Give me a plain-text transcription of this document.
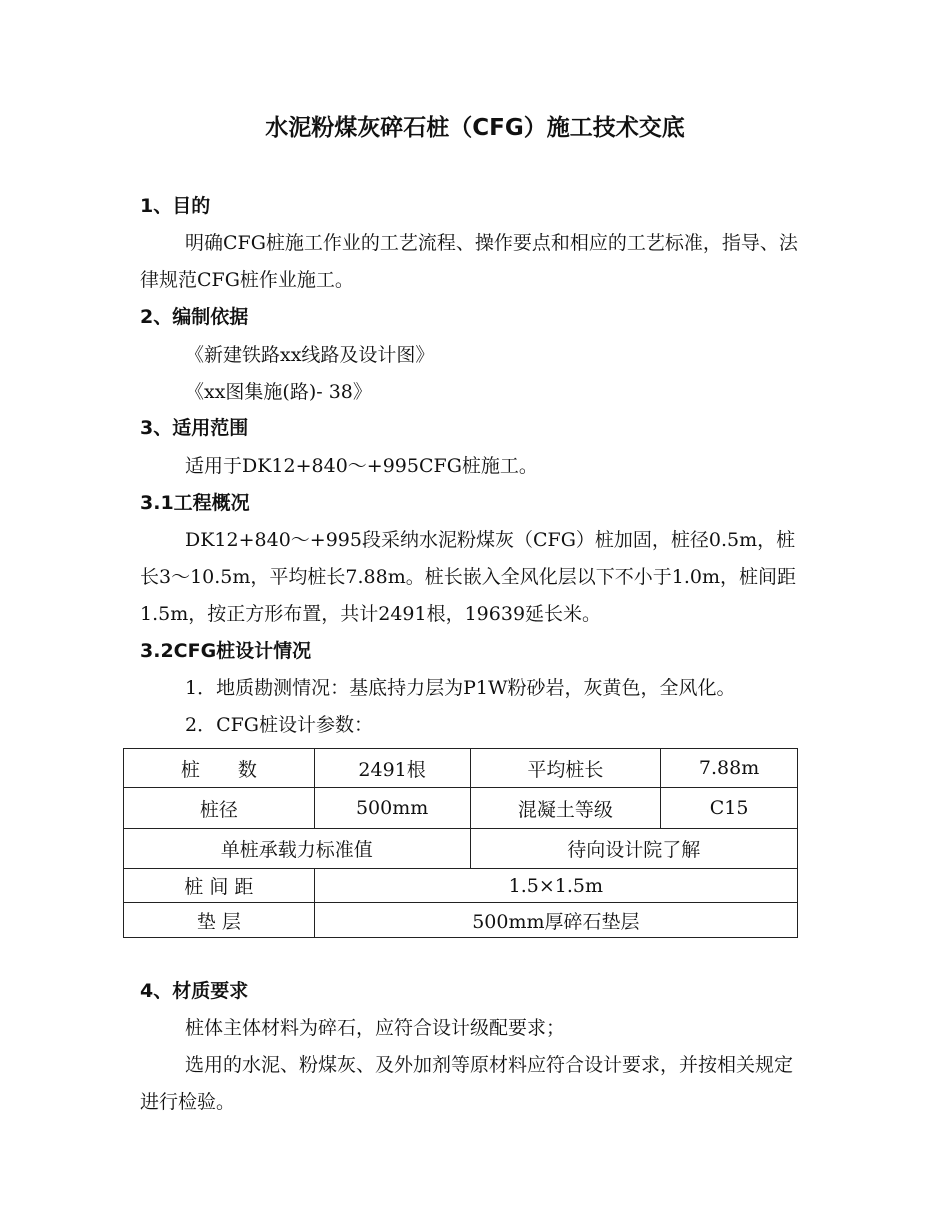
水泥粉煤灰碎石桩（CFG）施工技术交底
1、目的
明确CFG桩施工作业的工艺流程、操作要点和相应的工艺标准，指导、法律规范CFG桩作业施工。
2、编制依据
《新建铁路xx线路及设计图》
《xx图集施(路)- 38》
3、适用范围
适用于DK12+840～+995CFG桩施工。
3.1工程概况
DK12+840～+995段采纳水泥粉煤灰（CFG）桩加固，桩径0.5m，桩长3～10.5m，平均桩长7.88m。桩长嵌入全风化层以下不小于1.0m，桩间距1.5m，按正方形布置，共计2491根，19639延长米。
3.2CFG桩设计情况
1．地质勘测情况：基底持力层为P1W粉砂岩，灰黄色，全风化。
2．CFG桩设计参数：
桩　　数	2491根	平均桩长	7.88m
桩径	500mm	混凝土等级	C15
单桩承载力标准值		待向设计院了解	
桩 间 距	1.5×1.5m		
垫 层	500mm厚碎石垫层		
4、材质要求
桩体主体材料为碎石，应符合设计级配要求；
选用的水泥、粉煤灰、及外加剂等原材料应符合设计要求，并按相关规定进行检验。
